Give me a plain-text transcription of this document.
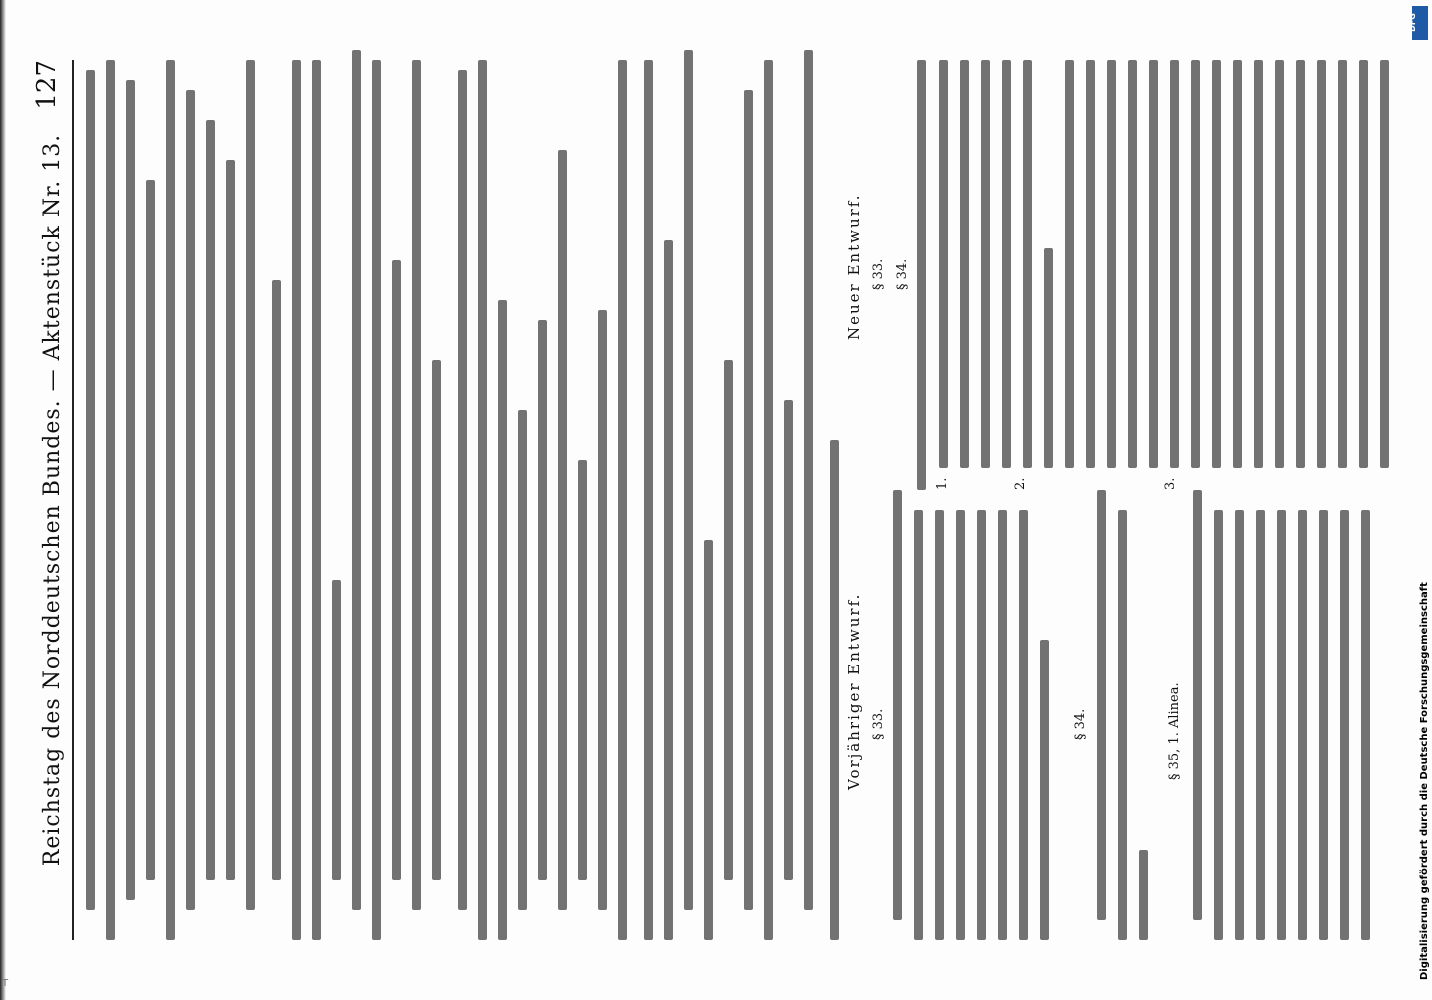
T
Reichstag des Norddeutschen Bundes. — Aktenstück Nr. 13.
127
Vorjähriger Entwurf. § 33.	§ 34.	§ 35, 1. Alinea.
Neuer Entwurf. § 33. § 34.
1.	2.	3.
DFG
Digitalisierung gefördert durch die Deutsche Forschungsgemeinschaft
